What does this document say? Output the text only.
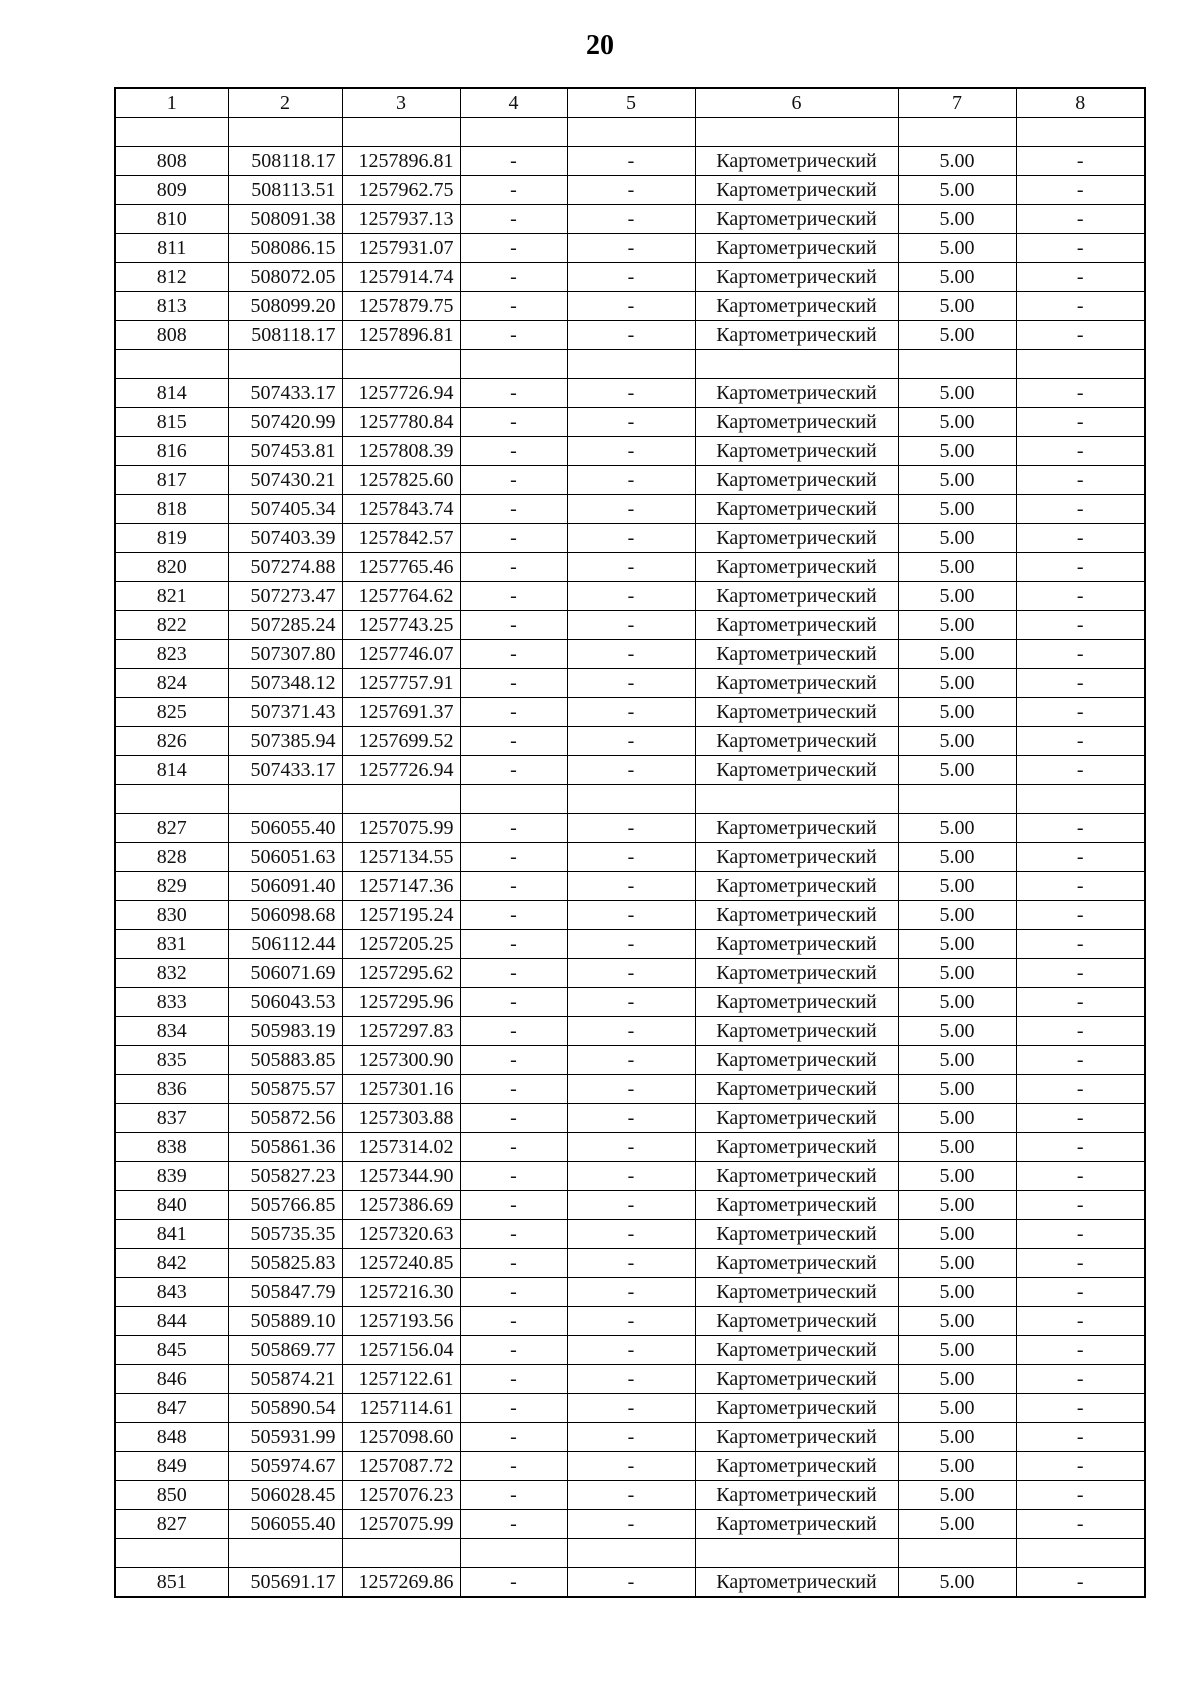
20
1	2	3	4	5	6	7	8

808	508118.17	1257896.81	-	-	Картометрический	5.00	-
809	508113.51	1257962.75	-	-	Картометрический	5.00	-
810	508091.38	1257937.13	-	-	Картометрический	5.00	-
811	508086.15	1257931.07	-	-	Картометрический	5.00	-
812	508072.05	1257914.74	-	-	Картометрический	5.00	-
813	508099.20	1257879.75	-	-	Картометрический	5.00	-
808	508118.17	1257896.81	-	-	Картометрический	5.00	-

814	507433.17	1257726.94	-	-	Картометрический	5.00	-
815	507420.99	1257780.84	-	-	Картометрический	5.00	-
816	507453.81	1257808.39	-	-	Картометрический	5.00	-
817	507430.21	1257825.60	-	-	Картометрический	5.00	-
818	507405.34	1257843.74	-	-	Картометрический	5.00	-
819	507403.39	1257842.57	-	-	Картометрический	5.00	-
820	507274.88	1257765.46	-	-	Картометрический	5.00	-
821	507273.47	1257764.62	-	-	Картометрический	5.00	-
822	507285.24	1257743.25	-	-	Картометрический	5.00	-
823	507307.80	1257746.07	-	-	Картометрический	5.00	-
824	507348.12	1257757.91	-	-	Картометрический	5.00	-
825	507371.43	1257691.37	-	-	Картометрический	5.00	-
826	507385.94	1257699.52	-	-	Картометрический	5.00	-
814	507433.17	1257726.94	-	-	Картометрический	5.00	-

827	506055.40	1257075.99	-	-	Картометрический	5.00	-
828	506051.63	1257134.55	-	-	Картометрический	5.00	-
829	506091.40	1257147.36	-	-	Картометрический	5.00	-
830	506098.68	1257195.24	-	-	Картометрический	5.00	-
831	506112.44	1257205.25	-	-	Картометрический	5.00	-
832	506071.69	1257295.62	-	-	Картометрический	5.00	-
833	506043.53	1257295.96	-	-	Картометрический	5.00	-
834	505983.19	1257297.83	-	-	Картометрический	5.00	-
835	505883.85	1257300.90	-	-	Картометрический	5.00	-
836	505875.57	1257301.16	-	-	Картометрический	5.00	-
837	505872.56	1257303.88	-	-	Картометрический	5.00	-
838	505861.36	1257314.02	-	-	Картометрический	5.00	-
839	505827.23	1257344.90	-	-	Картометрический	5.00	-
840	505766.85	1257386.69	-	-	Картометрический	5.00	-
841	505735.35	1257320.63	-	-	Картометрический	5.00	-
842	505825.83	1257240.85	-	-	Картометрический	5.00	-
843	505847.79	1257216.30	-	-	Картометрический	5.00	-
844	505889.10	1257193.56	-	-	Картометрический	5.00	-
845	505869.77	1257156.04	-	-	Картометрический	5.00	-
846	505874.21	1257122.61	-	-	Картометрический	5.00	-
847	505890.54	1257114.61	-	-	Картометрический	5.00	-
848	505931.99	1257098.60	-	-	Картометрический	5.00	-
849	505974.67	1257087.72	-	-	Картометрический	5.00	-
850	506028.45	1257076.23	-	-	Картометрический	5.00	-
827	506055.40	1257075.99	-	-	Картометрический	5.00	-

851	505691.17	1257269.86	-	-	Картометрический	5.00	-
